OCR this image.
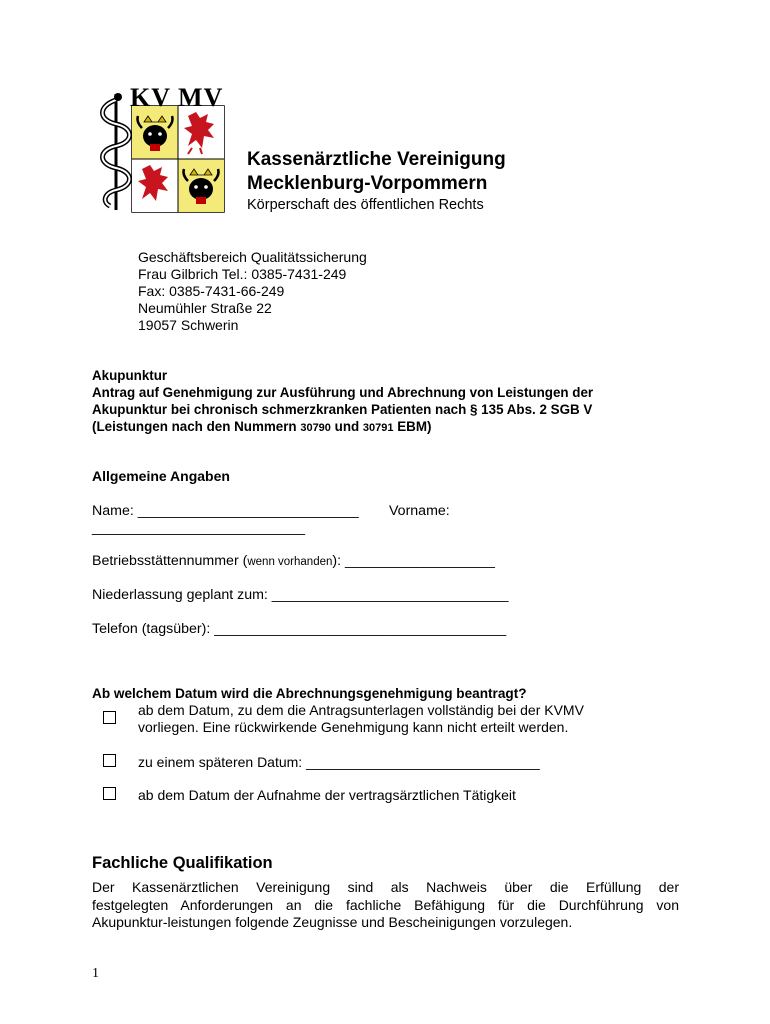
KV MV
Kassenärztliche Vereinigung
Mecklenburg-Vorpommern
Körperschaft des öffentlichen Rechts
Geschäftsbereich Qualitätssicherung
Frau Gilbrich Tel.: 0385-7431-249
Fax: 0385-7431-66-249
Neumühler Straße 22
19057 Schwerin
Akupunktur
Antrag auf Genehmigung zur Ausführung und Abrechnung von Leistungen der
Akupunktur bei chronisch schmerzkranken Patienten nach § 135 Abs. 2 SGB V
(Leistungen nach den Nummern 30790 und 30791 EBM)
Allgemeine Angaben
Name: ____________________________ Vorname:
___________________________
Betriebsstättennummer (wenn vorhanden): ___________________
Niederlassung geplant zum: ______________________________
Telefon (tagsüber): _____________________________________
Ab welchem Datum wird die Abrechnungsgenehmigung beantragt?
ab dem Datum, zu dem die Antragsunterlagen vollständig bei der KVMV
vorliegen. Eine rückwirkende Genehmigung kann nicht erteilt werden.
zu einem späteren Datum: ______________________________
ab dem Datum der Aufnahme der vertragsärztlichen Tätigkeit
Fachliche Qualifikation
Der Kassenärztlichen Vereinigung sind als Nachweis über die Erfüllung der
festgelegten Anforderungen an die fachliche Befähigung für die Durchführung von
Akupunktur-leistungen folgende Zeugnisse und Bescheinigungen vorzulegen.
1
